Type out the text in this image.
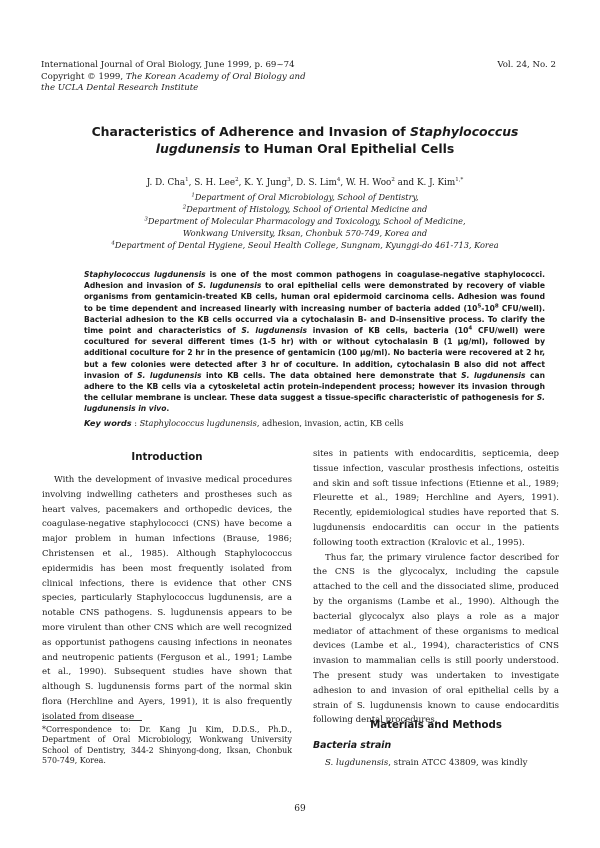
International Journal of Oral Biology, June 1999, p. 69~74
Copyright © 1999, The Korean Academy of Oral Biology and
the UCLA Dental Research Institute
Vol. 24, No. 2
Characteristics of Adherence and Invasion of Staphylococcus
lugdunensis to Human Oral Epithelial Cells
J. D. Cha$^1$, S. H. Lee$^2$, K. Y. Jung$^3$, D. S. Lim$^4$, W. H. Woo$^2$ and K. J. Kim$^{1,*}$
$^1$Department of Oral Microbiology, School of Dentistry,
$^2$Department of Histology, School of Oriental Medicine and
$^3$Department of Molecular Pharmacology and Toxicology, School of Medicine,
Wonkwang University, Iksan, Chonbuk 570-749, Korea and
$^4$Department of Dental Hygiene, Seoul Health College, Sungnam, Kyunggi-do 461-713, Korea
Staphylococcus lugdunensis is one of the most common pathogens in coagulase-negative staphylococci. Adhesion and invasion of S. lugdunensis to oral epithelial cells were demonstrated by recovery of viable organisms from gentamicin-treated KB cells, human oral epidermoid carcinoma cells. Adhesion was found to be time dependent and increased linearly with increasing number of bacteria added ($10^5-10^8$ CFU/well). Bacterial adhesion to the KB cells occurred via a cytochalasin B- and D-insensitive process. To clarify the time point and characteristics of S. lugdunensis invasion of KB cells, bacteria ($10^4$ CFU/well) were cocultured for several different times (1-5 hr) with or without cytochalasin B (1 µg/ml), followed by additional coculture for 2 hr in the presence of gentamicin (100 µg/ml). No bacteria were recovered at 2 hr, but a few colonies were detected after 3 hr of coculture. In addition, cytochalasin B also did not affect invasion of S. lugdunensis into KB cells. The data obtained here demonstrate that S. lugdunensis can adhere to the KB cells via a cytoskeletal actin protein-independent process; however its invasion through the cellular membrane is unclear. These data suggest a tissue-specific characteristic of pathogenesis for S. lugdunensis in vivo.
Key words : Staphylococcus lugdunensis, adhesion, invasion, actin, KB cells
Introduction

With the development of invasive medical procedures involving indwelling catheters and prostheses such as heart valves, pacemakers and orthopedic devices, the coagulase-negative staphylococci (CNS) have become a major problem in human infections (Brause, 1986; Christensen et al., 1985). Although Staphylococcus epidermidis has been most frequently isolated from clinical infections, there is evidence that other CNS species, particularly Staphylococcus lugdunensis, are a notable CNS pathogens. S. lugdunensis appears to be more virulent than other CNS which are well recognized as opportunist pathogens causing infections in neonates and neutropenic patients (Ferguson et al., 1991; Lambe et al., 1990). Subsequent studies have shown that although S. lugdunensis forms part of the normal skin flora (Herchline and Ayers, 1991), it is also frequently isolated from disease

sites in patients with endocarditis, septicemia, deep tissue infection, vascular prosthesis infections, osteitis and skin and soft tissue infections (Etienne et al., 1989; Fleurette et al., 1989; Herchline and Ayers, 1991). Recently, epidemiological studies have reported that S. lugdunensis endocarditis can occur in the patients following tooth extraction (Kralovic et al., 1995).

Thus far, the primary virulence factor described for the CNS is the glycocalyx, including the capsule attached to the cell and the dissociated slime, produced by the organisms (Lambe et al., 1990). Although the bacterial glycocalyx also plays a role as a major mediator of attachment of these organisms to medical devices (Lambe et al., 1994), characteristics of CNS invasion to mammalian cells is still poorly understood. The present study was undertaken to investigate adhesion to and invasion of oral epithelial cells by a strain of S. lugdunensis known to cause endocarditis following dental procedures.

Materials and Methods
Bacteria strain
S. lugdunensis, strain ATCC 43809, was kindly
*Correspondence to: Dr. Kang Ju Kim, D.D.S., Ph.D., Department of Oral Microbiology, Wonkwang University School of Dentistry, 344-2 Shinyong-dong, Iksan, Chonbuk 570-749, Korea.
69
